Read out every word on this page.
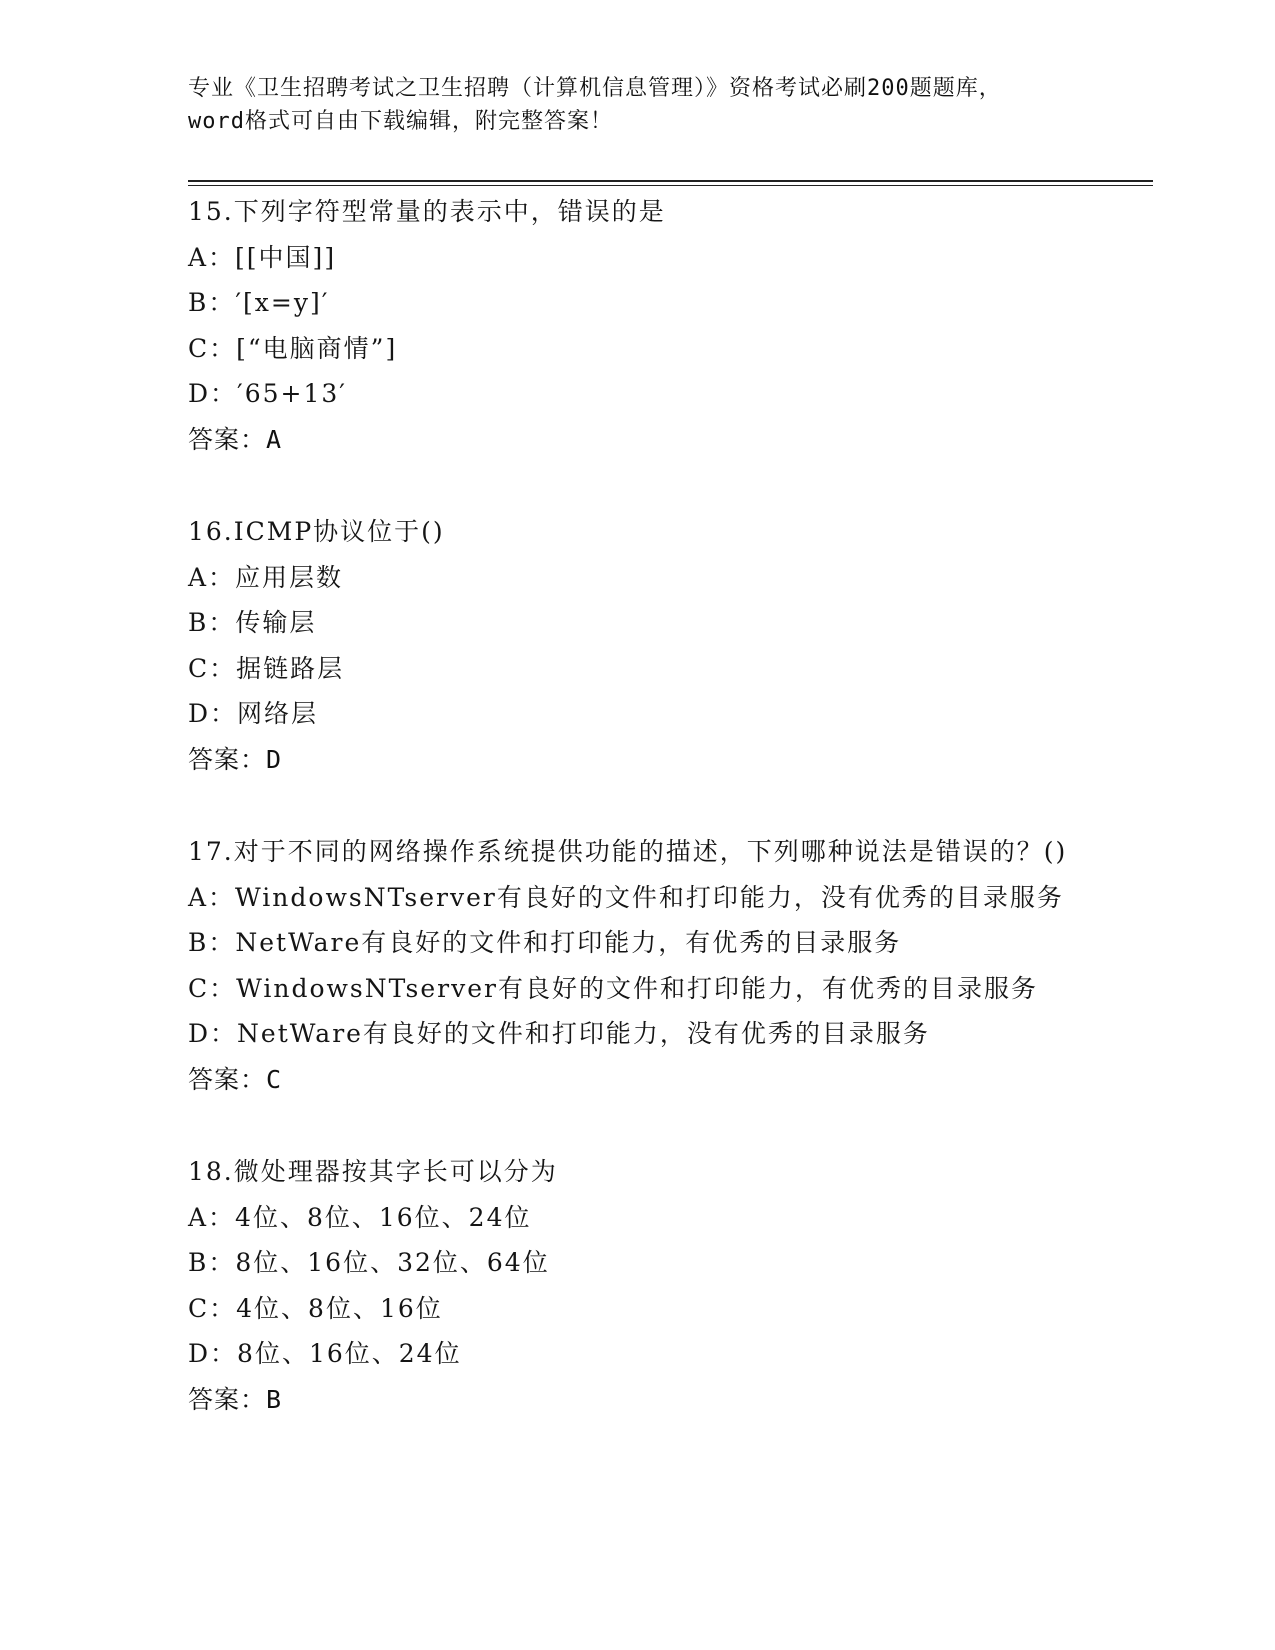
专业《卫生招聘考试之卫生招聘（计算机信息管理）》资格考试必刷200题题库，
word格式可自由下载编辑，附完整答案！
15.下列字符型常量的表示中，错误的是
A：[[中国]]
B：′[x=y]′
C：[“电脑商情”]
D：′65+13′
答案：A
16.ICMP协议位于()
A：应用层数
B：传输层
C：据链路层
D：网络层
答案：D
17.对于不同的网络操作系统提供功能的描述，下列哪种说法是错误的？()
A：WindowsNTserver有良好的文件和打印能力，没有优秀的目录服务
B：NetWare有良好的文件和打印能力，有优秀的目录服务
C：WindowsNTserver有良好的文件和打印能力，有优秀的目录服务
D：NetWare有良好的文件和打印能力，没有优秀的目录服务
答案：C
18.微处理器按其字长可以分为
A：4位、8位、16位、24位
B：8位、16位、32位、64位
C：4位、8位、16位
D：8位、16位、24位
答案：B
